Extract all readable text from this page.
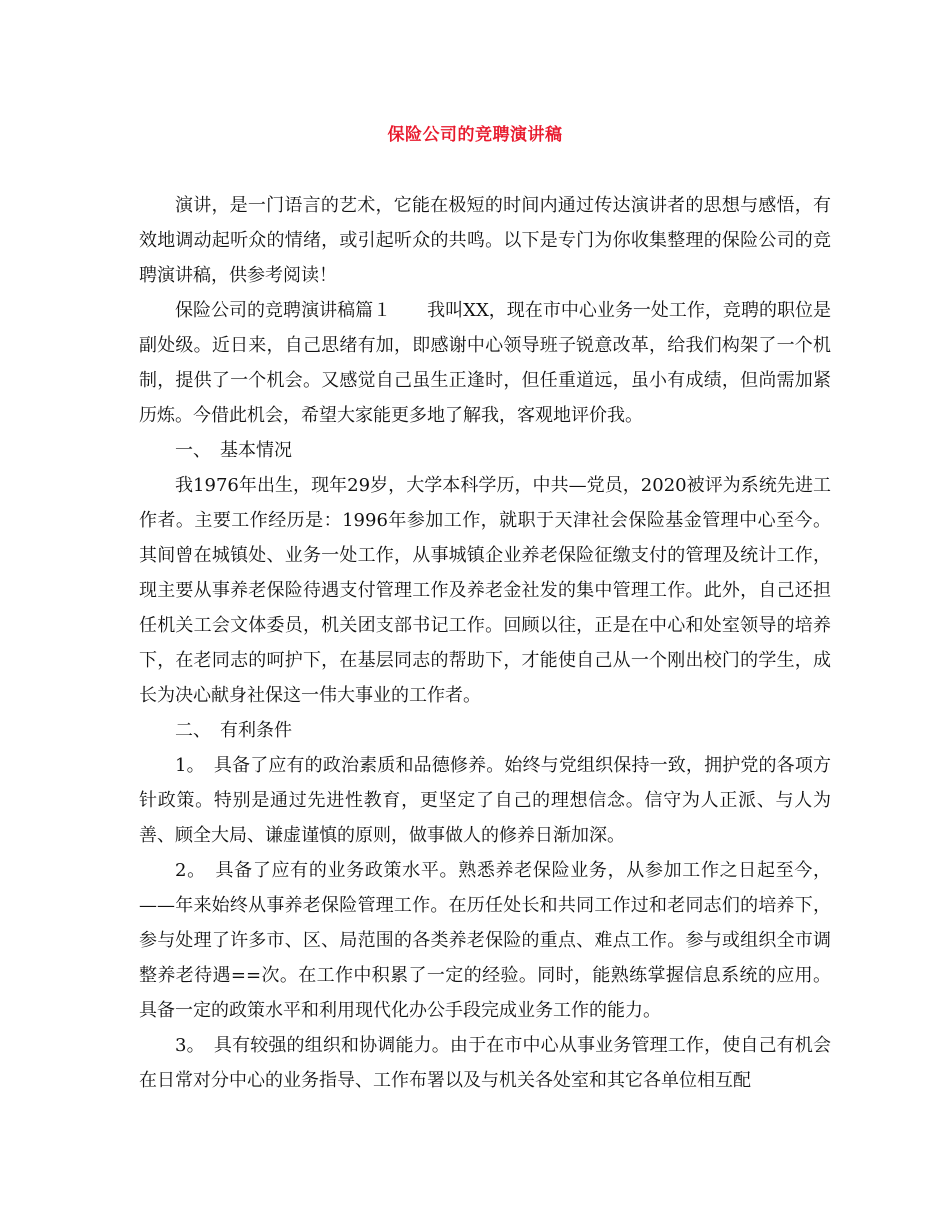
保险公司的竞聘演讲稿

演讲，是一门语言的艺术，它能在极短的时间内通过传达演讲者的思想与感悟，有效地调动起听众的情绪，或引起听众的共鸣。以下是专门为你收集整理的保险公司的竞聘演讲稿，供参考阅读！

保险公司的竞聘演讲稿篇１　　我叫XX，现在市中心业务一处工作，竞聘的职位是副处级。近日来，自己思绪有加，即感谢中心领导班子锐意改革，给我们构架了一个机制，提供了一个机会。又感觉自己虽生正逢时，但任重道远，虽小有成绩，但尚需加紧历炼。今借此机会，希望大家能更多地了解我，客观地评价我。

一、　基本情况

我1976年出生，现年29岁，大学本科学历，中共—党员，2020被评为系统先进工作者。主要工作经历是：1996年参加工作，就职于天津社会保险基金管理中心至今。其间曾在城镇处、业务一处工作，从事城镇企业养老保险征缴支付的管理及统计工作，现主要从事养老保险待遇支付管理工作及养老金社发的集中管理工作。此外，自己还担任机关工会文体委员，机关团支部书记工作。回顾以往，正是在中心和处室领导的培养下，在老同志的呵护下，在基层同志的帮助下，才能使自己从一个刚出校门的学生，成长为决心献身社保这一伟大事业的工作者。

二、　有利条件

1。　具备了应有的政治素质和品德修养。始终与党组织保持一致，拥护党的各项方针政策。特别是通过先进性教育，更坚定了自己的理想信念。信守为人正派、与人为善、顾全大局、谦虚谨慎的原则，做事做人的修养日渐加深。

2。　具备了应有的业务政策水平。熟悉养老保险业务，从参加工作之日起至今，——年来始终从事养老保险管理工作。在历任处长和共同工作过和老同志们的培养下，参与处理了许多市、区、局范围的各类养老保险的重点、难点工作。参与或组织全市调整养老待遇==次。在工作中积累了一定的经验。同时，能熟练掌握信息系统的应用。具备一定的政策水平和利用现代化办公手段完成业务工作的能力。

3。　具有较强的组织和协调能力。由于在市中心从事业务管理工作，使自己有机会在日常对分中心的业务指导、工作布署以及与机关各处室和其它各单位相互配
